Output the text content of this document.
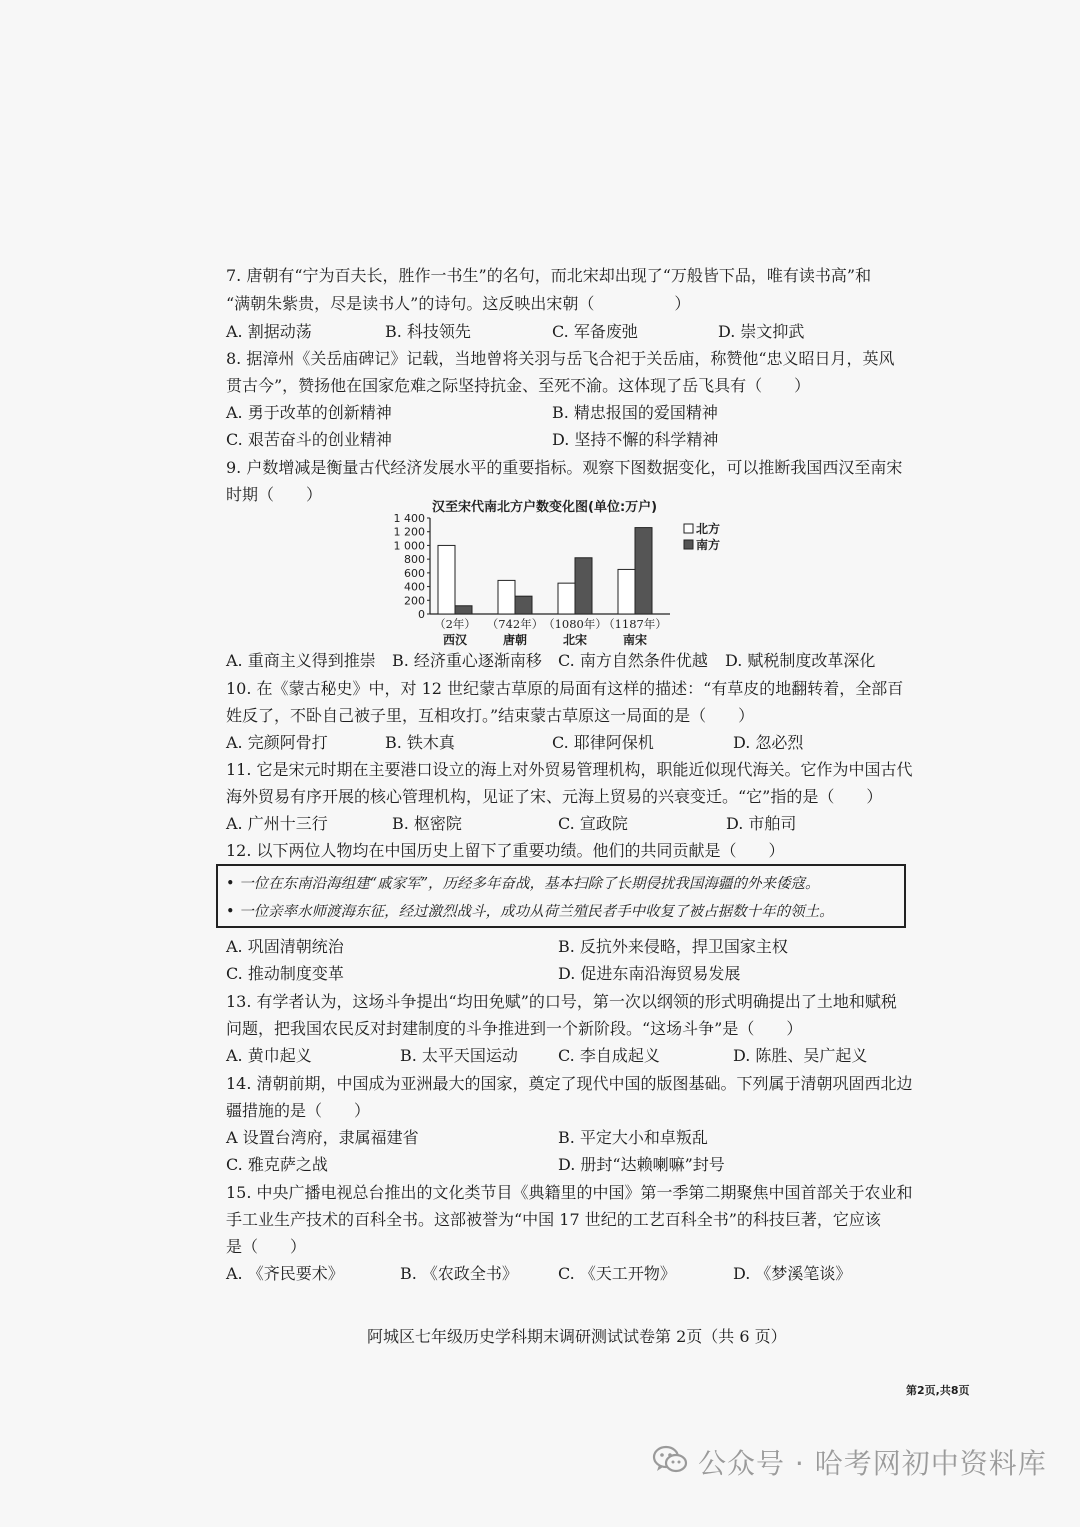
7. 唐朝有“宁为百夫长，胜作一书生”的名句，而北宋却出现了“万般皆下品，唯有读书高”和
“满朝朱紫贵，尽是读书人”的诗句。这反映出宋朝（　　　　　）
A. 割据动荡	B. 科技领先	C. 军备废弛	D. 崇文抑武
8. 据漳州《关岳庙碑记》记载，当地曾将关羽与岳飞合祀于关岳庙，称赞他“忠义昭日月，英风
贯古今”，赞扬他在国家危难之际坚持抗金、至死不渝。这体现了岳飞具有（　　）
A. 勇于改革的创新精神	B. 精忠报国的爱国精神
C. 艰苦奋斗的创业精神	D. 坚持不懈的科学精神
9. 户数增减是衡量古代经济发展水平的重要指标。观察下图数据变化，可以推断我国西汉至南宋
时期（　　）
汉至宋代南北方户数变化图(单位:万户)
1 400
1 200
1 000
800
600
400
200
0
（2年）
西汉
（742年）
唐朝
（1080年）
北宋
（1187年）
南宋
北方
南方
A. 重商主义得到推崇 B. 经济重心逐渐南移 C. 南方自然条件优越 D. 赋税制度改革深化
10. 在《蒙古秘史》中，对 12 世纪蒙古草原的局面有这样的描述：“有草皮的地翻转着，全部百
姓反了，不卧自己被子里，互相攻打。”结束蒙古草原这一局面的是（　　）
A. 完颜阿骨打	B. 铁木真	C. 耶律阿保机	D. 忽必烈
11. 它是宋元时期在主要港口设立的海上对外贸易管理机构，职能近似现代海关。它作为中国古代
海外贸易有序开展的核心管理机构，见证了宋、元海上贸易的兴衰变迁。“它”指的是（　　）
A. 广州十三行	B. 枢密院	C. 宣政院	D. 市舶司
12. 以下两位人物均在中国历史上留下了重要功绩。他们的共同贡献是（　　）
• 一位在东南沿海组建“戚家军”，历经多年奋战，基本扫除了长期侵扰我国海疆的外来倭寇。
• 一位亲率水师渡海东征，经过激烈战斗，成功从荷兰殖民者手中收复了被占据数十年的领土。
A. 巩固清朝统治	B. 反抗外来侵略，捍卫国家主权
C. 推动制度变革	D. 促进东南沿海贸易发展
13. 有学者认为，这场斗争提出“均田免赋”的口号，第一次以纲领的形式明确提出了土地和赋税
问题，把我国农民反对封建制度的斗争推进到一个新阶段。“这场斗争”是（　　）
A. 黄巾起义	B. 太平天国运动	C. 李自成起义	D. 陈胜、吴广起义
14. 清朝前期，中国成为亚洲最大的国家，奠定了现代中国的版图基础。下列属于清朝巩固西北边
疆措施的是（　　）
A 设置台湾府，隶属福建省	B. 平定大小和卓叛乱
C. 雅克萨之战	D. 册封“达赖喇嘛”封号
15. 中央广播电视总台推出的文化类节目《典籍里的中国》第一季第二期聚焦中国首部关于农业和
手工业生产技术的百科全书。这部被誉为“中国 17 世纪的工艺百科全书”的科技巨著，它应该
是（　　）
A. 《齐民要术》	B. 《农政全书》	C. 《天工开物》	D. 《梦溪笔谈》
阿城区七年级历史学科期末调研测试试卷第 2页（共 6 页）
第2页,共8页
公众号 · 哈考网初中资料库
